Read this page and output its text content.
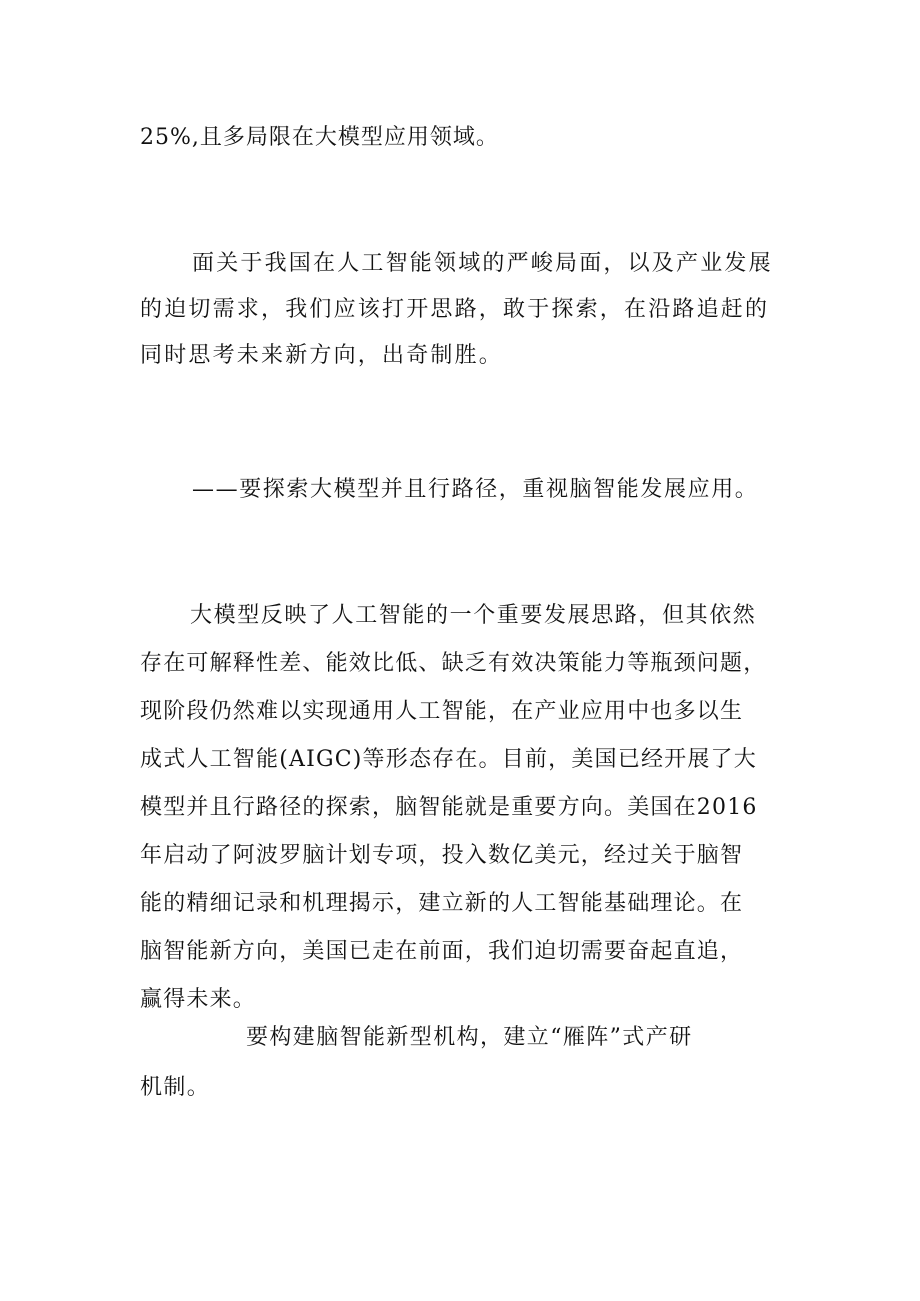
25%,且多局限在大模型应用领域。
面关于我国在人工智能领域的严峻局面，以及产业发展
的迫切需求，我们应该打开思路，敢于探索，在沿路追赶的
同时思考未来新方向，出奇制胜。
——要探索大模型并且行路径，重视脑智能发展应用。
大模型反映了人工智能的一个重要发展思路，但其依然
存在可解释性差、能效比低、缺乏有效决策能力等瓶颈问题，
现阶段仍然难以实现通用人工智能，在产业应用中也多以生
成式人工智能(AIGC)等形态存在。目前，美国已经开展了大
模型并且行路径的探索，脑智能就是重要方向。美国在2016
年启动了阿波罗脑计划专项，投入数亿美元，经过关于脑智
能的精细记录和机理揭示，建立新的人工智能基础理论。在
脑智能新方向，美国已走在前面，我们迫切需要奋起直追，
赢得未来。
要构建脑智能新型机构，建立“雁阵”式产研
机制。
